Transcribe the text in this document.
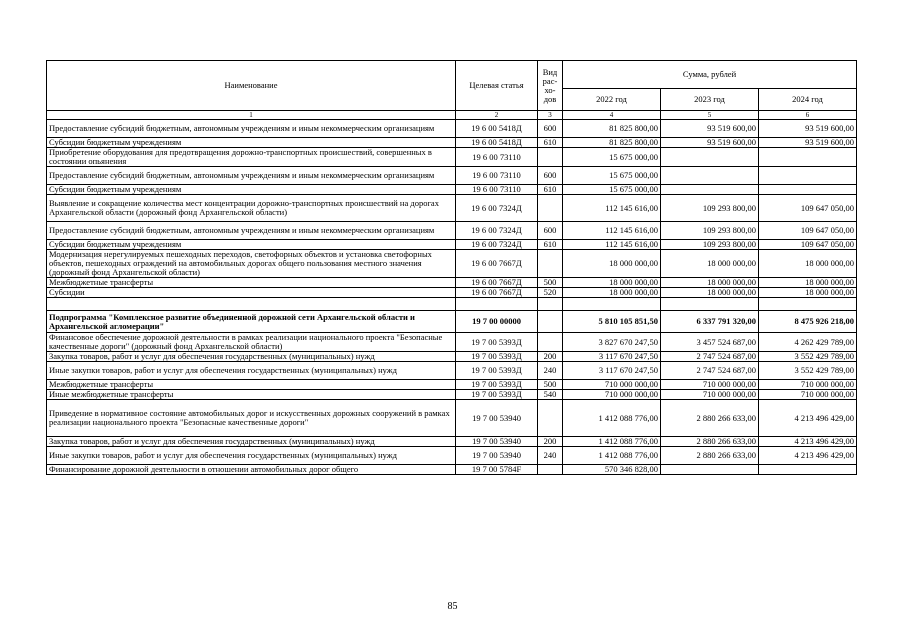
Наименование	Целевая статья	Вид рас-хо-дов	Сумма, рублей		
			2022 год	2023 год	2024 год
1	2	3	4	5	6
Предоставление субсидий бюджетным, автономным учреждениям и иным некоммерческим организациям	19 6 00 5418Д	600	81 825 800,00	93 519 600,00	93 519 600,00
Субсидии бюджетным учреждениям	19 6 00 5418Д	610	81 825 800,00	93 519 600,00	93 519 600,00
Приобретение оборудования для предотвращения дорожно-транспортных происшествий, совершенных в состоянии опьянения	19 6 00 73110		15 675 000,00		
Предоставление субсидий бюджетным, автономным учреждениям и иным некоммерческим организациям	19 6 00 73110	600	15 675 000,00		
Субсидии бюджетным учреждениям	19 6 00 73110	610	15 675 000,00		
Выявление и сокращение количества мест концентрации дорожно-транспортных происшествий на дорогах Архангельской области (дорожный фонд Архангельской области)	19 6 00 7324Д		112 145 616,00	109 293 800,00	109 647 050,00
Предоставление субсидий бюджетным, автономным учреждениям и иным некоммерческим организациям	19 6 00 7324Д	600	112 145 616,00	109 293 800,00	109 647 050,00
Субсидии бюджетным учреждениям	19 6 00 7324Д	610	112 145 616,00	109 293 800,00	109 647 050,00
Модернизация нерегулируемых пешеходных переходов, светофорных объектов и установка светофорных объектов, пешеходных ограждений на автомобильных дорогах общего пользования местного значения (дорожный фонд Архангельской области)	19 6 00 7667Д		18 000 000,00	18 000 000,00	18 000 000,00
Межбюджетные трансферты	19 6 00 7667Д	500	18 000 000,00	18 000 000,00	18 000 000,00
Субсидии	19 6 00 7667Д	520	18 000 000,00	18 000 000,00	18 000 000,00

Подпрограмма "Комплексное развитие объединенной дорожной сети Архангельской области и Архангельской агломерации"	19 7 00 00000		5 810 105 851,50	6 337 791 320,00	8 475 926 218,00
Финансовое обеспечение дорожной деятельности в рамках реализации национального проекта "Безопасные качественные дороги" (дорожный фонд Архангельской области)	19 7 00 5393Д		3 827 670 247,50	3 457 524 687,00	4 262 429 789,00
Закупка товаров, работ и услуг для обеспечения государственных (муниципальных) нужд	19 7 00 5393Д	200	3 117 670 247,50	2 747 524 687,00	3 552 429 789,00
Иные закупки товаров, работ и услуг для обеспечения государственных (муниципальных) нужд	19 7 00 5393Д	240	3 117 670 247,50	2 747 524 687,00	3 552 429 789,00
Межбюджетные трансферты	19 7 00 5393Д	500	710 000 000,00	710 000 000,00	710 000 000,00
Иные межбюджетные трансферты	19 7 00 5393Д	540	710 000 000,00	710 000 000,00	710 000 000,00
Приведение в нормативное состояние автомобильных дорог и искусственных дорожных сооружений в рамках реализации национального проекта "Безопасные качественные дороги"	19 7 00 53940		1 412 088 776,00	2 880 266 633,00	4 213 496 429,00
Закупка товаров, работ и услуг для обеспечения государственных (муниципальных) нужд	19 7 00 53940	200	1 412 088 776,00	2 880 266 633,00	4 213 496 429,00
Иные закупки товаров, работ и услуг для обеспечения государственных (муниципальных) нужд	19 7 00 53940	240	1 412 088 776,00	2 880 266 633,00	4 213 496 429,00
Финансирование дорожной деятельности в отношении автомобильных дорог общего	19 7 00 5784F		570 346 828,00		
85
